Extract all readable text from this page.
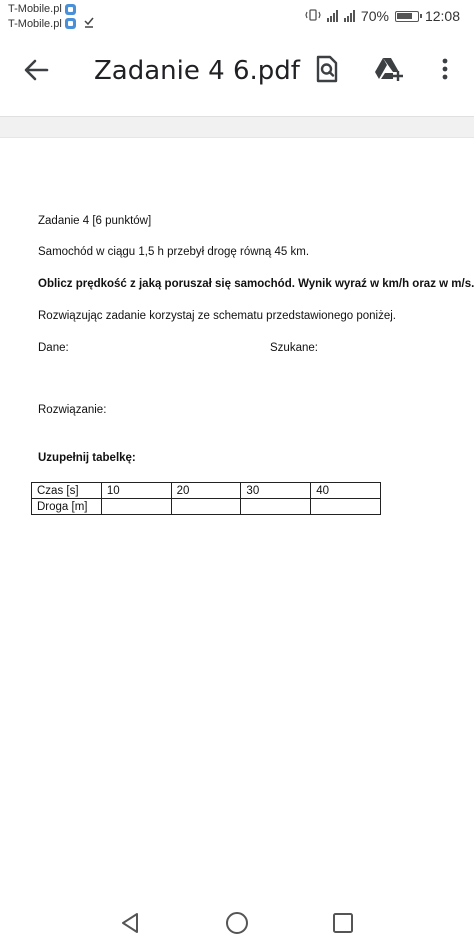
T-Mobile.pl
T-Mobile.pl	70%	12:08
Zadanie 4 6.pdf
Zadanie 4 [6 punktów]
Samochód w ciągu 1,5 h przebył drogę równą 45 km.
Oblicz prędkość z jaką poruszał się samochód. Wynik wyraź w km/h oraz w m/s.
Rozwiązując zadanie korzystaj ze schematu przedstawionego poniżej.
Dane:	Szukane:
Rozwiązanie:
Uzupełnij tabelkę:
Czas [s]	10	20	30	40
Droga [m]				
